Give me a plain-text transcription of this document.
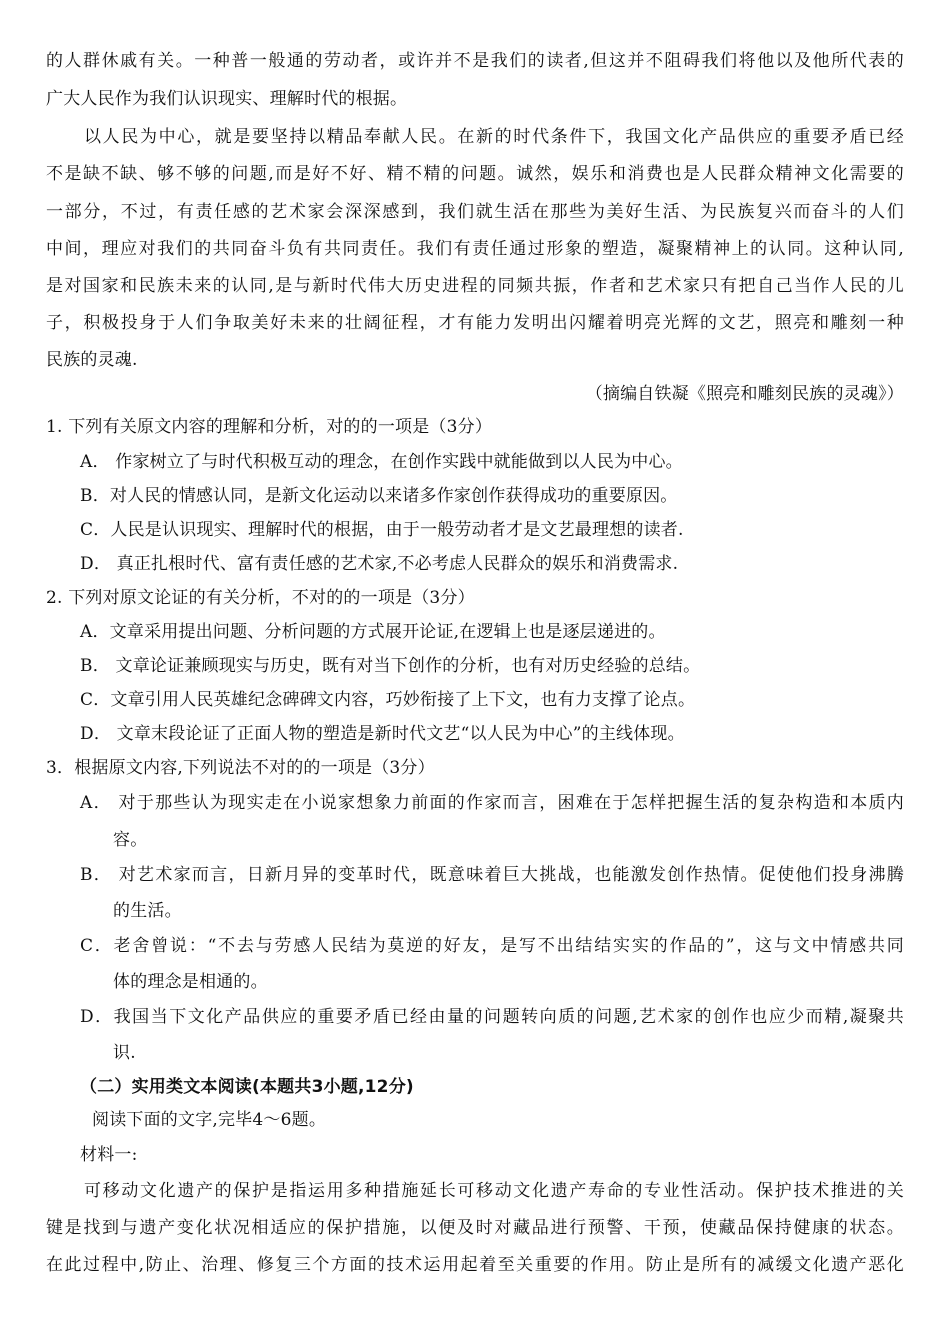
的人群休戚有关。一种普一般通的劳动者，或许并不是我们的读者,但这并不阻碍我们将他以及他所代表的
广大人民作为我们认识现实、理解时代的根据。
以人民为中心，就是要坚持以精品奉献人民。在新的时代条件下，我国文化产品供应的重要矛盾已经
不是缺不缺、够不够的问题,而是好不好、精不精的问题。诚然，娱乐和消费也是人民群众精神文化需要的
一部分，不过，有责任感的艺术家会深深感到，我们就生活在那些为美好生活、为民族复兴而奋斗的人们
中间，理应对我们的共同奋斗负有共同责任。我们有责任通过形象的塑造，凝聚精神上的认同。这种认同,
是对国家和民族未来的认同,是与新时代伟大历史进程的同频共振，作者和艺术家只有把自己当作人民的儿
子，积极投身于人们争取美好未来的壮阔征程，才有能力发明出闪耀着明亮光辉的文艺，照亮和雕刻一种
民族的灵魂.
（摘编自铁凝《照亮和雕刻民族的灵魂》）
1. 下列有关原文内容的理解和分析，对的的一项是（3分）
A． 作家树立了与时代积极互动的理念，在创作实践中就能做到以人民为中心。
B．对人民的情感认同，是新文化运动以来诸多作家创作获得成功的重要原因。
C．人民是认识现实、理解时代的根据，由于一般劳动者才是文艺最理想的读者.
D． 真正扎根时代、富有责任感的艺术家,不必考虑人民群众的娱乐和消费需求.
2. 下列对原文论证的有关分析，不对的的一项是（3分）
A．文章采用提出问题、分析问题的方式展开论证,在逻辑上也是逐层递进的。
B． 文章论证兼顾现实与历史，既有对当下创作的分析，也有对历史经验的总结。
C．文章引用人民英雄纪念碑碑文内容，巧妙衔接了上下文，也有力支撑了论点。
D． 文章末段论证了正面人物的塑造是新时代文艺“以人民为中心”的主线体现。
3．根据原文内容,下列说法不对的的一项是（3分）
A． 对于那些认为现实走在小说家想象力前面的作家而言，困难在于怎样把握生活的复杂构造和本质内
容。
B． 对艺术家而言，日新月异的变革时代，既意味着巨大挑战，也能激发创作热情。促使他们投身沸腾
的生活。
C．老舍曾说：“不去与劳感人民结为莫逆的好友，是写不出结结实实的作品的”，这与文中情感共同
体的理念是相通的。
D．我国当下文化产品供应的重要矛盾已经由量的问题转向质的问题,艺术家的创作也应少而精,凝聚共
识.
（二）实用类文本阅读(本题共3小题,12分)
阅读下面的文字,完毕4～6题。
材料一:
可移动文化遗产的保护是指运用多种措施延长可移动文化遗产寿命的专业性活动。保护技术推进的关
键是找到与遗产变化状况相适应的保护措施，以便及时对藏品进行预警、干预，使藏品保持健康的状态。
在此过程中,防止、治理、修复三个方面的技术运用起着至关重要的作用。防止是所有的减缓文化遗产恶化
